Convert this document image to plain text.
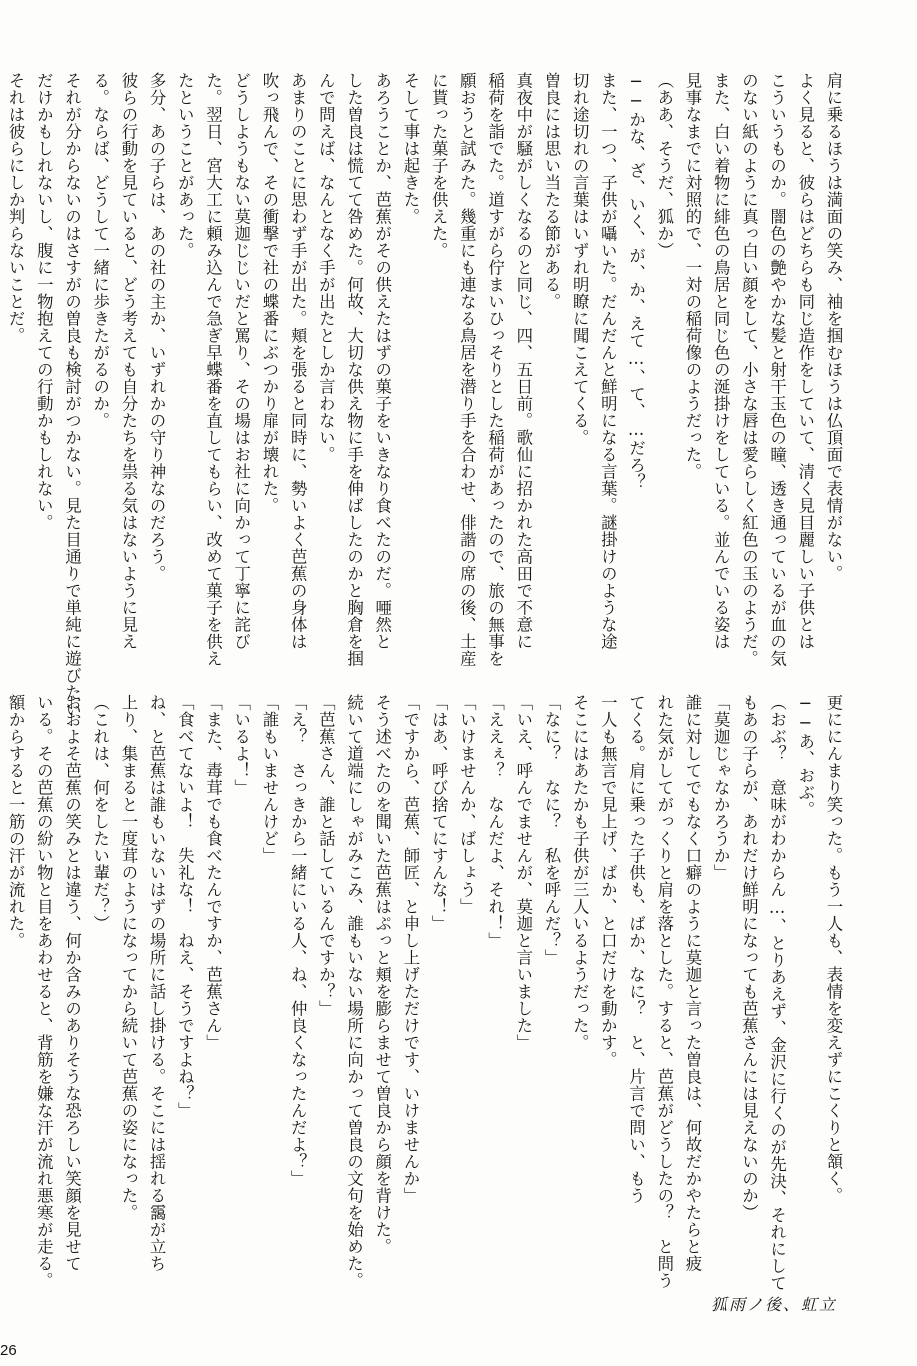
肩に乗るほうは満面の笑み、袖を掴むほうは仏頂面で表情がない。
よく見ると、彼らはどちらも同じ造作をしていて、清く見目麗しい子供とは
こういうものか。闇色の艶やかな髪と射干玉色の瞳、透き通っているが血の気
のない紙のように真っ白い顔をして、小さな唇は愛らしく紅色の玉のようだ。
また、白い着物に緋色の鳥居と同じ色の涎掛けをしている。並んでいる姿は
見事なまでに対照的で、一対の稲荷像のようだった。
（ああ、そうだ、狐か）
──かな、ざ、いく、が、か、えて…、て、…だろ？
また、一つ、子供が囁いた。だんだんと鮮明になる言葉。謎掛けのような途
切れ途切れの言葉はいずれ明瞭に聞こえてくる。
曽良には思い当たる節がある。
真夜中が騒がしくなるのと同じ、四、五日前。歌仙に招かれた高田で不意に
稲荷を詣でた。道すがら佇まいひっそりとした稲荷があったので、旅の無事を
願おうと試みた。幾重にも連なる鳥居を潜り手を合わせ、俳諧の席の後、土産
に貰った菓子を供えた。
そして事は起きた。
あろうことか、芭蕉がその供えたはずの菓子をいきなり食べたのだ。唖然と
した曽良は慌てて咎めた。何故、大切な供え物に手を伸ばしたのかと胸倉を掴
んで問えば、なんとなく手が出たとしか言わない。
あまりのことに思わず手が出た。頬を張ると同時に、勢いよく芭蕉の身体は
吹っ飛んで、その衝撃で社の蝶番にぶつかり扉が壊れた。
どうしようもない莫迦じじいだと罵り、その場はお社に向かって丁寧に詫び
た。翌日、宮大工に頼み込んで急ぎ早蝶番を直してもらい、改めて菓子を供え
たということがあった。
多分、あの子らは、あの社の主か、いずれかの守り神なのだろう。
彼らの行動を見ていると、どう考えても自分たちを祟る気はないように見え
る。ならば、どうして一緒に歩きたがるのか。
それが分からないのはさすがの曽良も検討がつかない。見た目通りで単純に遊びたい
だけかもしれないし、腹に一物抱えての行動かもしれない。
それは彼らにしか判らないことだ。
更ににんまり笑った。もう一人も、表情を変えずにこくりと頷く。
──あ、おぶ。
（おぶ？　意味がわからん…、とりあえず、金沢に行くのが先決、それにして
もあの子らが、あれだけ鮮明になっても芭蕉さんには見えないのか）
「莫迦じゃなかろうか」
誰に対してでもなく口癖のように莫迦と言った曽良は、何故だかやたらと疲
れた気がしてがっくりと肩を落とした。すると、芭蕉がどうしたの？　と問う
てくる。肩に乗った子供も、ばか、なに？　と、片言で問い、もう
一人も無言で見上げ、ばか、と口だけを動かす。
そこにはあたかも子供が三人いるようだった。
「なに？　なに？　私を呼んだ？」
「いえ、呼んでませんが、莫迦と言いました」
「ええぇ？　なんだよ、それ！」
「いけませんか、ばしょう」
「はあ、呼び捨てにすんな！」
「ですから、芭蕉、師匠、と申し上げただけです、いけませんか」
そう述べたのを聞いた芭蕉はぷっと頬を膨らませて曽良から顔を背けた。
続いて道端にしゃがみこみ、誰もいない場所に向かって曽良の文句を始めた。
「芭蕉さん、誰と話しているんですか？」
「え？　さっきから一緒にいる人、ね、仲良くなったんだよ？」
「誰もいませんけど」
「いるよ！」
「また、毒茸でも食べたんですか、芭蕉さん」
「食べてないよ！　失礼な！　ねえ、そうですよね？」
ね、と芭蕉は誰もいないはずの場所に話し掛ける。そこには揺れる靄が立ち
上り、集まると一度茸のようになってから続いて芭蕉の姿になった。
（これは、何をしたい輩だ？）
おおよそ芭蕉の笑みとは違う、何か含みのありそうな恐ろしい笑顔を見せて
いる。その芭蕉の紛い物と目をあわせると、背筋を嫌な汗が流れ悪寒が走る。
額からすると一筋の汗が流れた。
狐雨ノ後、虹立
26
